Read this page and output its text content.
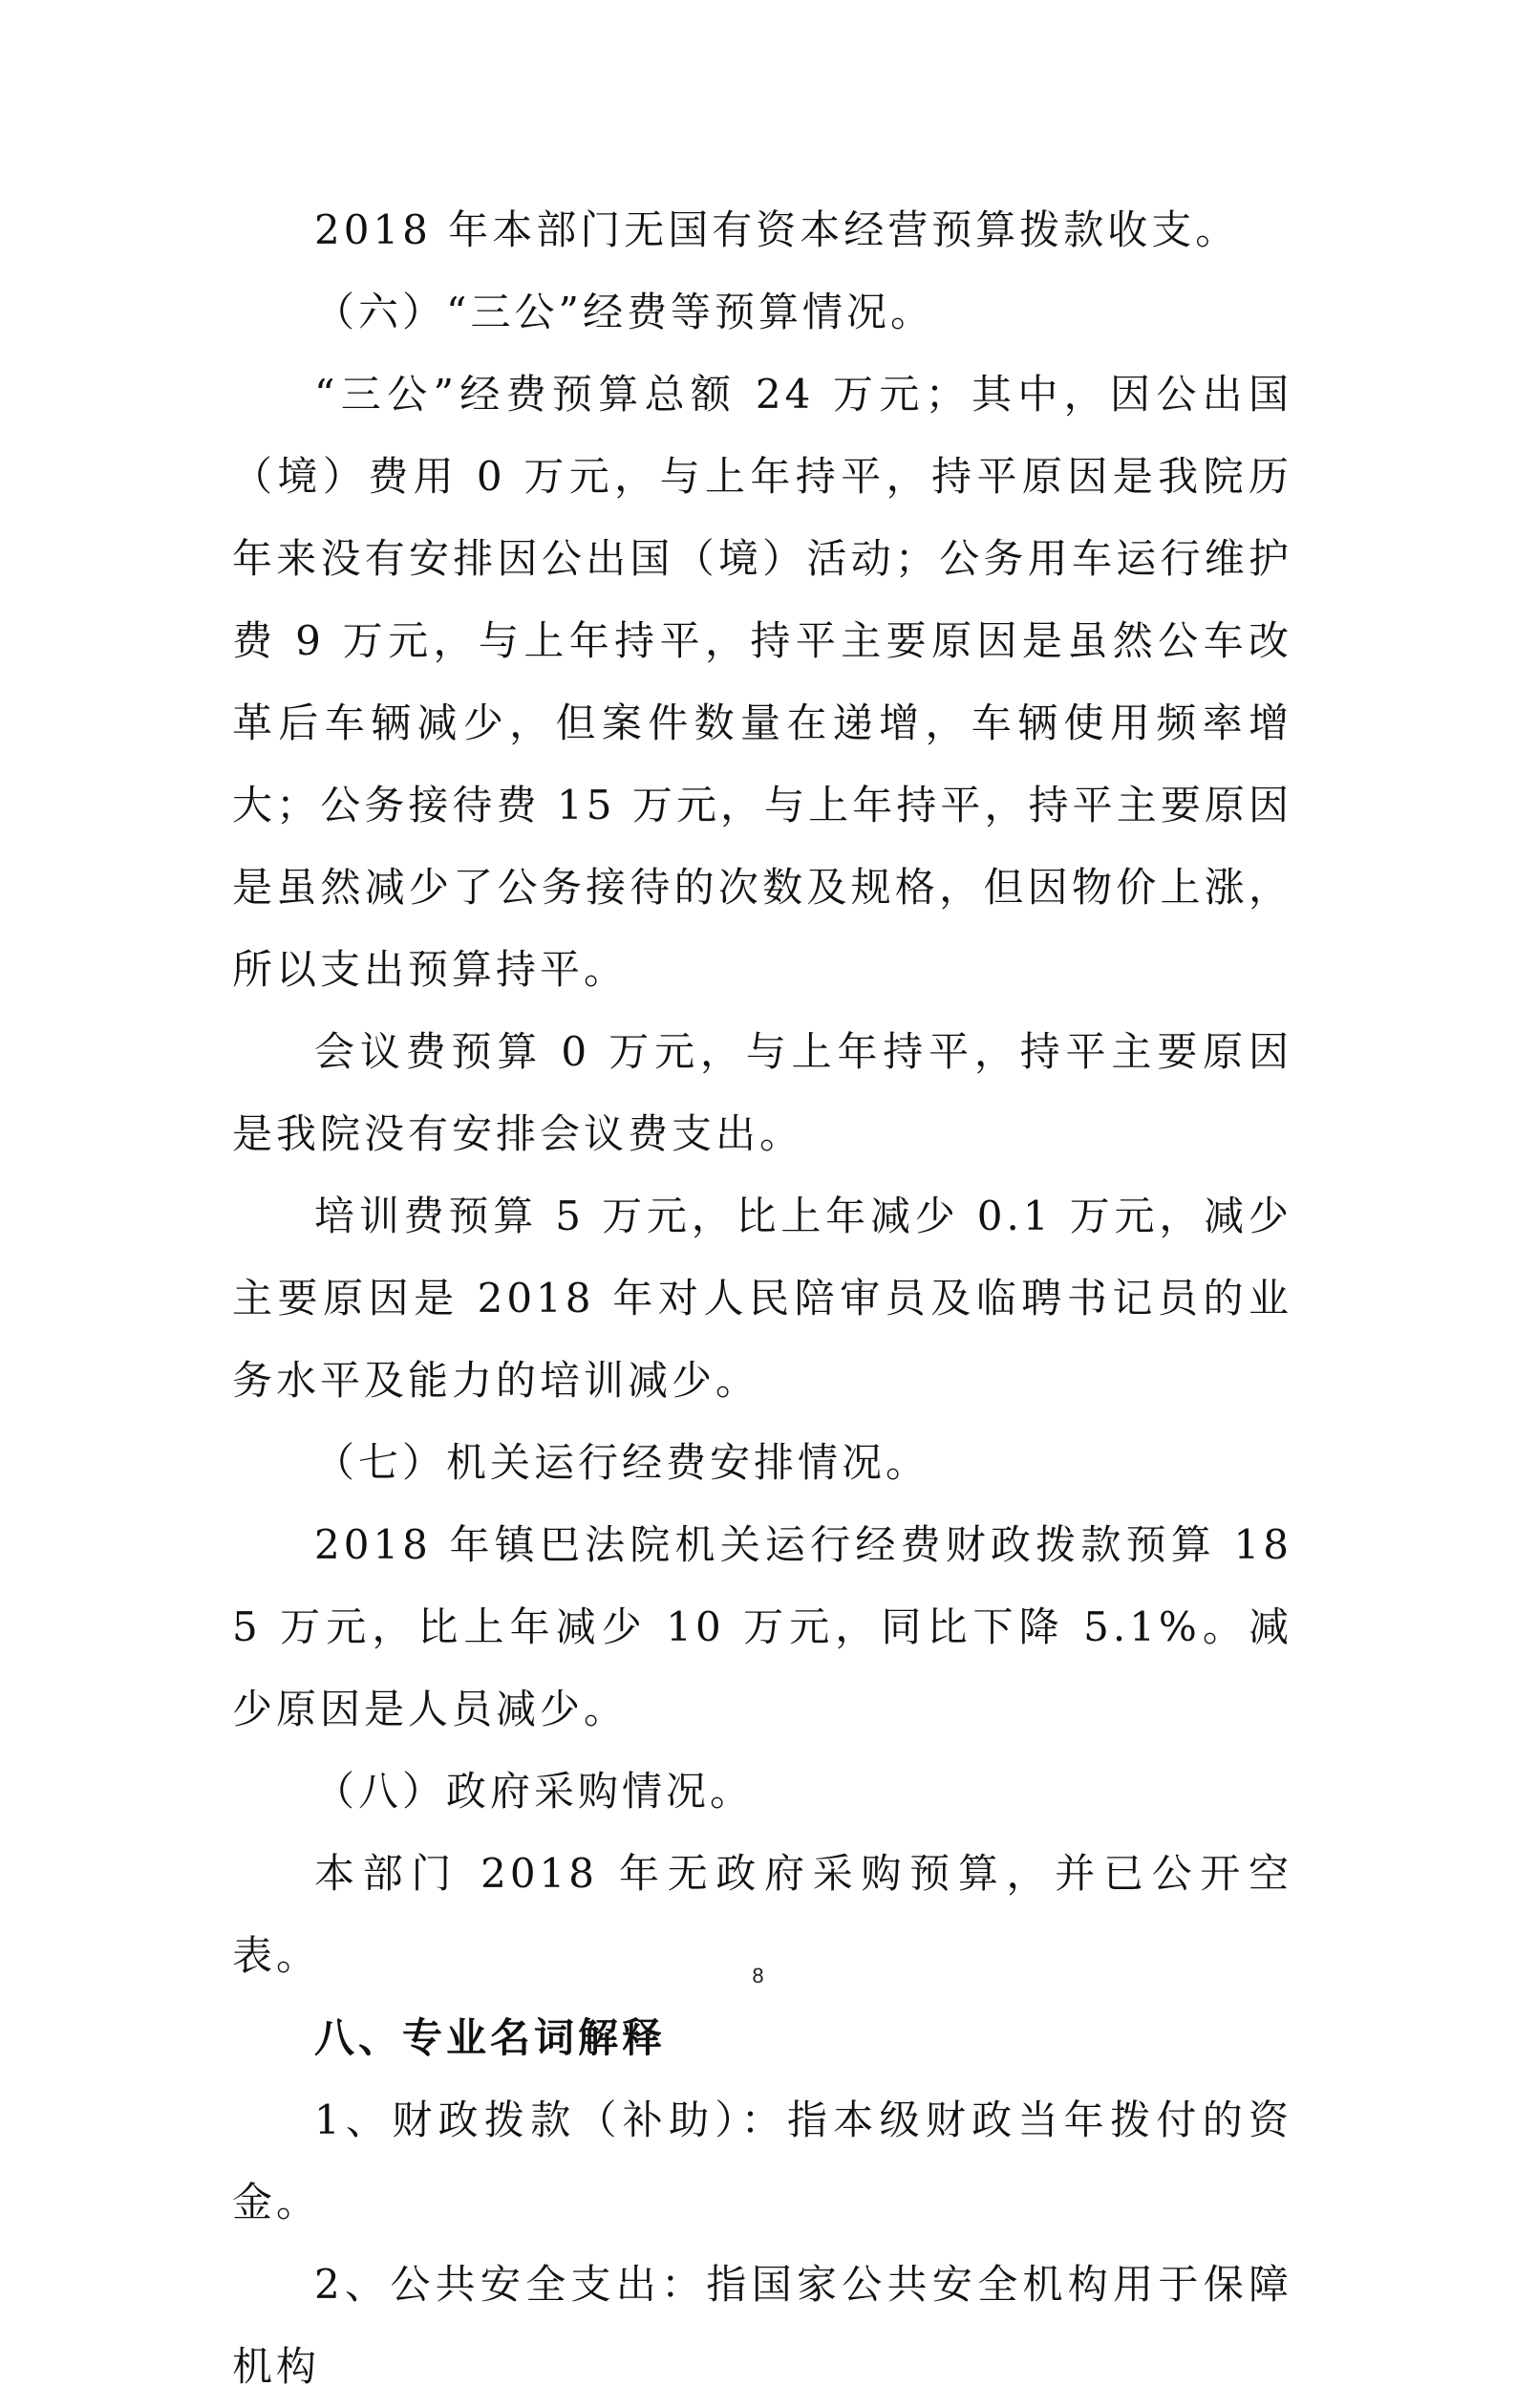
2018 年本部门无国有资本经营预算拨款收支。

（六）“三公”经费等预算情况。

“三公”经费预算总额 24 万元；其中，因公出国（境）费用 0 万元，与上年持平，持平原因是我院历年来没有安排因公出国（境）活动；公务用车运行维护费 9 万元，与上年持平，持平主要原因是虽然公车改革后车辆减少，但案件数量在递增，车辆使用频率增大；公务接待费 15 万元，与上年持平，持平主要原因是虽然减少了公务接待的次数及规格，但因物价上涨，所以支出预算持平。

会议费预算 0 万元，与上年持平，持平主要原因是我院没有安排会议费支出。

培训费预算 5 万元，比上年减少 0.1 万元，减少主要原因是 2018 年对人民陪审员及临聘书记员的业务水平及能力的培训减少。

（七）机关运行经费安排情况。

2018 年镇巴法院机关运行经费财政拨款预算 185 万元，比上年减少 10 万元，同比下降 5.1%。减少原因是人员减少。

（八）政府采购情况。

本部门 2018 年无政府采购预算，并已公开空表。

八、专业名词解释

1、财政拨款（补助）：指本级财政当年拨付的资金。

2、公共安全支出：指国家公共安全机构用于保障机构

8
